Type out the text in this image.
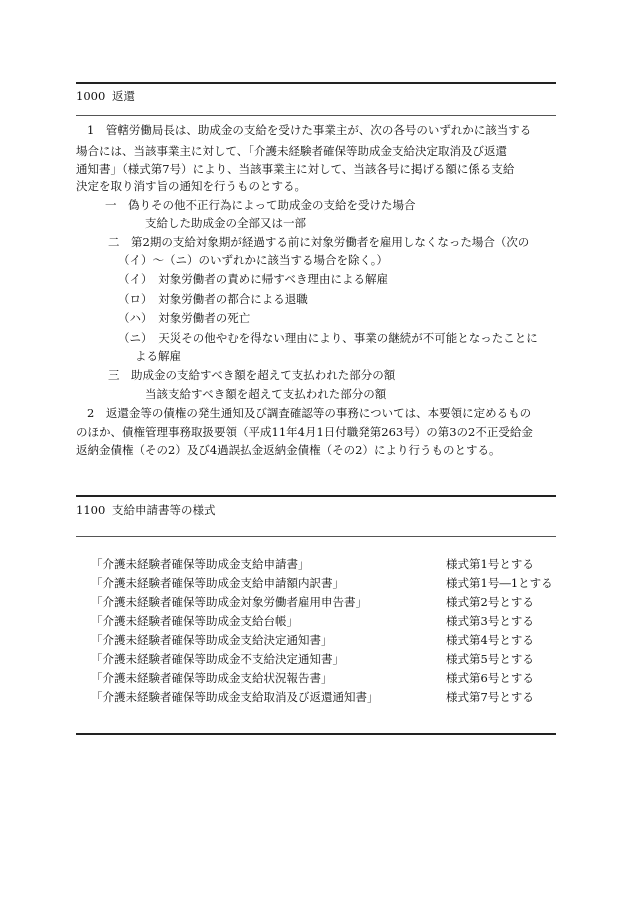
1000 返還
1100 支給申請書等の様式
1　管轄労働局長は、助成金の支給を受けた事業主が、次の各号のいずれかに該当する
場合には、当該事業主に対して、「介護未経験者確保等助成金支給決定取消及び返還
通知書」（様式第7号）により、当該事業主に対して、当該各号に掲げる額に係る支給
決定を取り消す旨の通知を行うものとする。
一　偽りその他不正行為によって助成金の支給を受けた場合
支給した助成金の全部又は一部
二　第2期の支給対象期が経過する前に対象労働者を雇用しなくなった場合（次の
（イ）～（ニ）のいずれかに該当する場合を除く。）
（イ）　対象労働者の責めに帰すべき理由による解雇
（ロ）　対象労働者の都合による退職
（ハ）　対象労働者の死亡
（ニ）　天災その他やむを得ない理由により、事業の継続が不可能となったことに
よる解雇
三　助成金の支給すべき額を超えて支払われた部分の額
当該支給すべき額を超えて支払われた部分の額
2　返還金等の債権の発生通知及び調査確認等の事務については、本要領に定めるもの
のほか、債権管理事務取扱要領（平成11年4月1日付職発第263号）の第3の2不正受給金
返納金債権（その2）及び4過誤払金返納金債権（その2）により行うものとする。
「介護未経験者確保等助成金支給申請書」	様式第1号とする
「介護未経験者確保等助成金支給申請額内訳書」	様式第1号―1とする
「介護未経験者確保等助成金対象労働者雇用申告書」	様式第2号とする
「介護未経験者確保等助成金支給台帳」	様式第3号とする
「介護未経験者確保等助成金支給決定通知書」	様式第4号とする
「介護未経験者確保等助成金不支給決定通知書」	様式第5号とする
「介護未経験者確保等助成金支給状況報告書」	様式第6号とする
「介護未経験者確保等助成金支給取消及び返還通知書」	様式第7号とする
